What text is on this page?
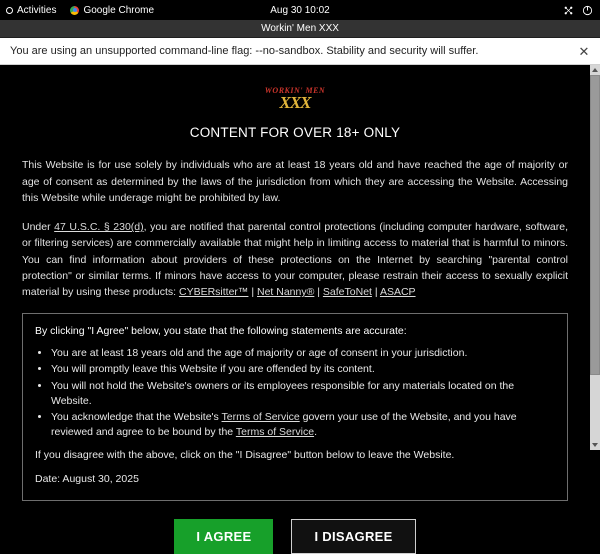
Activities	Google Chrome	Aug 30 10:02
Workin' Men XXX
You are using an unsupported command-line flag: --no-sandbox. Stability and security will suffer.	✕
WORKIN' MEN
XXX
CONTENT FOR OVER 18+ ONLY

This Website is for use solely by individuals who are at least 18 years old and have reached the age of majority or age of consent as determined by the laws of the jurisdiction from which they are accessing the Website. Accessing this Website while underage might be prohibited by law.

Under 47 U.S.C. § 230(d), you are notified that parental control protections (including computer hardware, software, or filtering services) are commercially available that might help in limiting access to material that is harmful to minors. You can find information about providers of these protections on the Internet by searching "parental control protection" or similar terms. If minors have access to your computer, please restrain their access to sexually explicit material by using these products: CYBERsitter™ | Net Nanny® | SafeToNet | ASACP

By clicking "I Agree" below, you state that the following statements are accurate:
• You are at least 18 years old and the age of majority or age of consent in your jurisdiction.
• You will promptly leave this Website if you are offended by its content.
• You will not hold the Website's owners or its employees responsible for any materials located on the Website.
• You acknowledge that the Website's Terms of Service govern your use of the Website, and you have reviewed and agree to be bound by the Terms of Service.
If you disagree with the above, click on the "I Disagree" button below to leave the Website.
Date: August 30, 2025
I AGREE	I DISAGREE
